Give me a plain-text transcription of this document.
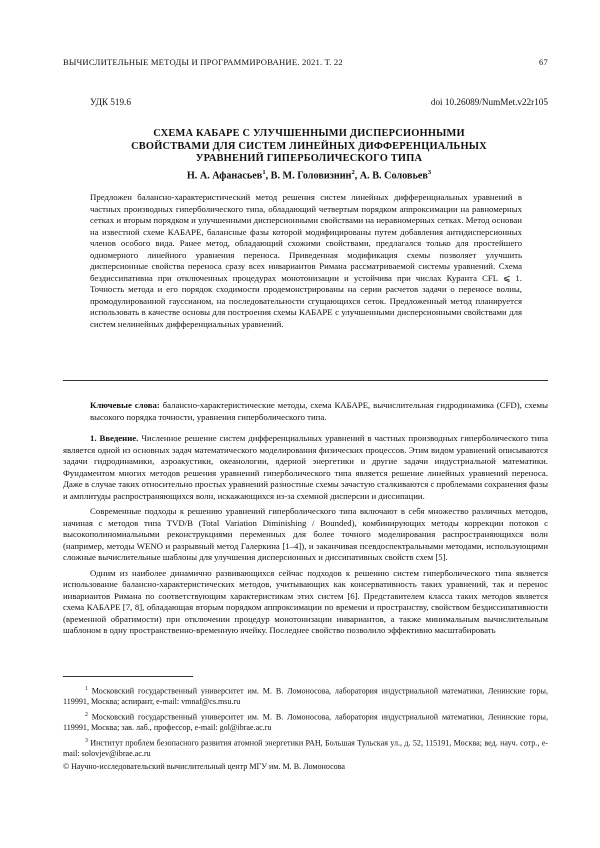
ВЫЧИСЛИТЕЛЬНЫЕ МЕТОДЫ И ПРОГРАММИРОВАНИЕ. 2021. Т. 22	67
УДК 519.6	doi 10.26089/NumMet.v22r105
СХЕМА КАБАРЕ С УЛУЧШЕННЫМИ ДИСПЕРСИОННЫМИ
СВОЙСТВАМИ ДЛЯ СИСТЕМ ЛИНЕЙНЫХ ДИФФЕРЕНЦИАЛЬНЫХ
УРАВНЕНИЙ ГИПЕРБОЛИЧЕСКОГО ТИПА
Н. А. Афанасьев$^1$, В. М. Головизнин$^2$, А. В. Соловьев$^3$
Предложен балансно-характеристический метод решения систем линейных дифференциальных уравнений в частных производных гиперболического типа, обладающий четвертым порядком аппроксимации на равномерных сетках и вторым порядком и улучшенными дисперсионными свойствами на неравномерных сетках. Метод основан на известной схеме КАБАРЕ, балансные фазы которой модифицированы путем добавления антидисперсионных членов особого вида. Ранее метод, обладающий схожими свойствами, предлагался только для простейшего одномерного линейного уравнения переноса. Приведенная модификация схемы позволяет улучшить дисперсионные свойства переноса сразу всех инвариантов Римана рассматриваемой системы уравнений. Схема бездиссипативна при отключенных процедурах монотонизации и устойчива при числах Куранта CFL ⩽ 1. Точность метода и его порядок сходимости продемонстрированы на серии расчетов задачи о переносе волны, промодулированной гауссианом, на последовательности сгущающихся сеток. Предложенный метод планируется использовать в качестве основы для построения схемы КАБАРЕ с улучшенными дисперсионными свойствами для систем нелинейных дифференциальных уравнений.
Ключевые слова: балансно-характеристические методы, схема КАБАРЕ, вычислительная гидродинамика (CFD), схемы высокого порядка точности, уравнения гиперболического типа.

1. Введение. Численное решение систем дифференциальных уравнений в частных производных гиперболического типа является одной из основных задач математического моделирования физических процессов. Этим видом уравнений описываются задачи гидродинамики, аэроакустики, океанологии, ядерной энергетики и другие задачи индустриальной математики. Фундаментом многих методов решения уравнений гиперболического типа является решение линейных уравнений переноса. Даже в случае таких относительно простых уравнений разностные схемы зачастую сталкиваются с проблемами сохранения фазы и амплитуды распространяющихся волн, искажающихся из-за схемной дисперсии и диссипации.

Современные подходы к решению уравнений гиперболического типа включают в себя множество различных методов, начиная с методов типа TVD/B (Total Variation Diminishing / Bounded), комбинирующих методы коррекции потоков с высокополиномиальными реконструкциями переменных для более точного моделирования распространяющихся волн (например, методы WENO и разрывный метод Галеркина [1–4]), и заканчивая псевдоспектральными методами, использующими сложные вычислительные шаблоны для улучшения дисперсионных и диссипативных свойств схем [5].

Одним из наиболее динамично развивающихся сейчас подходов к решению систем гиперболического типа является использование балансно-характеристических методов, учитывающих как консервативность таких уравнений, так и перенос инвариантов Римана по соответствующим характеристикам этих систем [6]. Представителем класса таких методов является схема КАБАРЕ [7, 8], обладающая вторым порядком аппроксимации по времени и пространству, свойством бездиссипативности (временной обратимости) при отключении процедур монотонизации инвариантов, а также минимальным вычислительным шаблоном в одну пространственно-временную ячейку. Последнее свойство позволило эффективно масштабировать

$^1$ Московский государственный университет им. М. В. Ломоносова, лаборатория индустриальной математики, Ленинские горы, 119991, Москва; аспирант, e-mail: vmnaf@cs.msu.ru

$^2$ Московский государственный университет им. М. В. Ломоносова, лаборатория индустриальной математики, Ленинские горы, 119991, Москва; зав. лаб., профессор, e-mail: gol@ibrae.ac.ru

$^3$ Институт проблем безопасного развития атомной энергетики РАН, Большая Тульская ул., д. 52, 115191, Москва; вед. науч. сотр., e-mail: solovjev@ibrae.ac.ru

© Научно-исследовательский вычислительный центр МГУ им. М. В. Ломоносова
